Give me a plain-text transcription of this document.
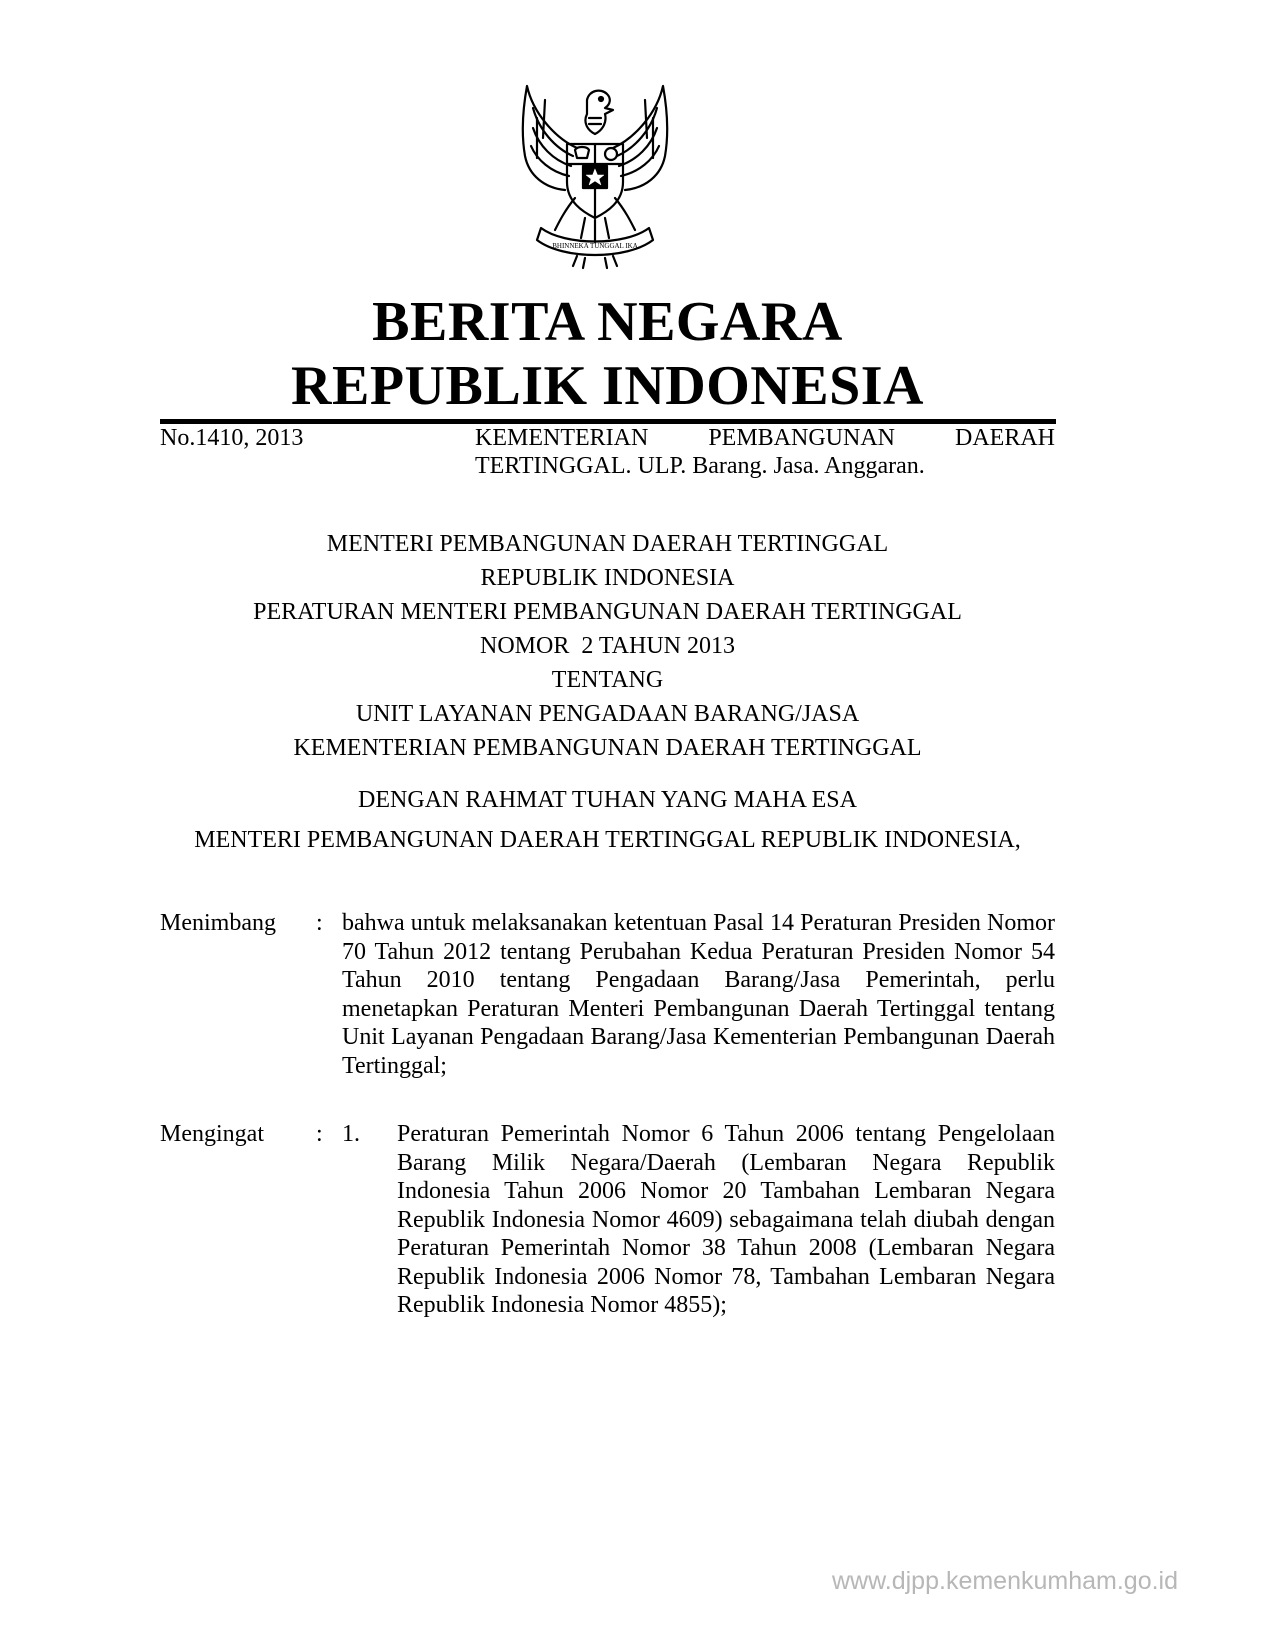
BHINNEKA TUNGGAL IKA
BERITA NEGARA
REPUBLIK INDONESIA
No.1410, 2013	KEMENTERIAN	PEMBANGUNAN	DAERAH
TERTINGGAL. ULP. Barang. Jasa. Anggaran.
MENTERI PEMBANGUNAN DAERAH TERTINGGAL
REPUBLIK INDONESIA
PERATURAN MENTERI PEMBANGUNAN DAERAH TERTINGGAL
NOMOR  2 TAHUN 2013
TENTANG
UNIT LAYANAN PENGADAAN BARANG/JASA
KEMENTERIAN PEMBANGUNAN DAERAH TERTINGGAL
DENGAN RAHMAT TUHAN YANG MAHA ESA
MENTERI PEMBANGUNAN DAERAH TERTINGGAL REPUBLIK INDONESIA,
Menimbang : bahwa untuk melaksanakan ketentuan Pasal 14 Peraturan Presiden Nomor 70 Tahun 2012 tentang Perubahan Kedua Peraturan Presiden Nomor 54 Tahun 2010 tentang Pengadaan Barang/Jasa Pemerintah, perlu menetapkan Peraturan Menteri Pembangunan Daerah Tertinggal tentang Unit Layanan Pengadaan Barang/Jasa Kementerian Pembangunan Daerah Tertinggal;
Mengingat : 1. Peraturan Pemerintah Nomor 6 Tahun 2006 tentang Pengelolaan Barang Milik Negara/Daerah (Lembaran Negara Republik Indonesia Tahun 2006 Nomor 20 Tambahan Lembaran Negara Republik Indonesia Nomor 4609) sebagaimana telah diubah dengan Peraturan Pemerintah Nomor 38 Tahun 2008 (Lembaran Negara Republik Indonesia 2006 Nomor 78, Tambahan Lembaran Negara Republik Indonesia Nomor 4855);
www.djpp.kemenkumham.go.id
